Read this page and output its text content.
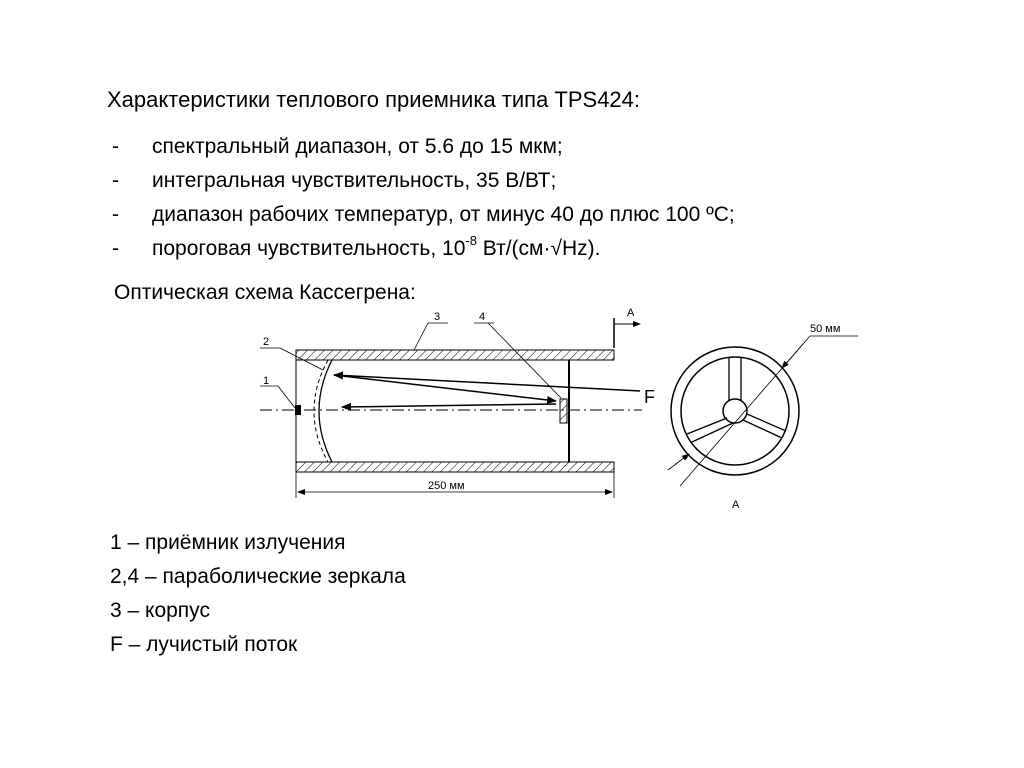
Характеристики теплового приемника типа TPS424:
- спектральный диапазон, от 5.6 до 15 мкм;
- интегральная чувствительность, 35 В/ВТ;
- диапазон рабочих температур, от минус 40 до плюс 100 ºС;
- пороговая чувствительность, $10^{-8}$ Вт/(см·√Hz).
Оптическая схема Кассегрена:
1
2
3	4
F
A
250 мм
50 мм
A
1 – приёмник излучения
2,4 – параболические зеркала
3 – корпус
F – лучистый поток
